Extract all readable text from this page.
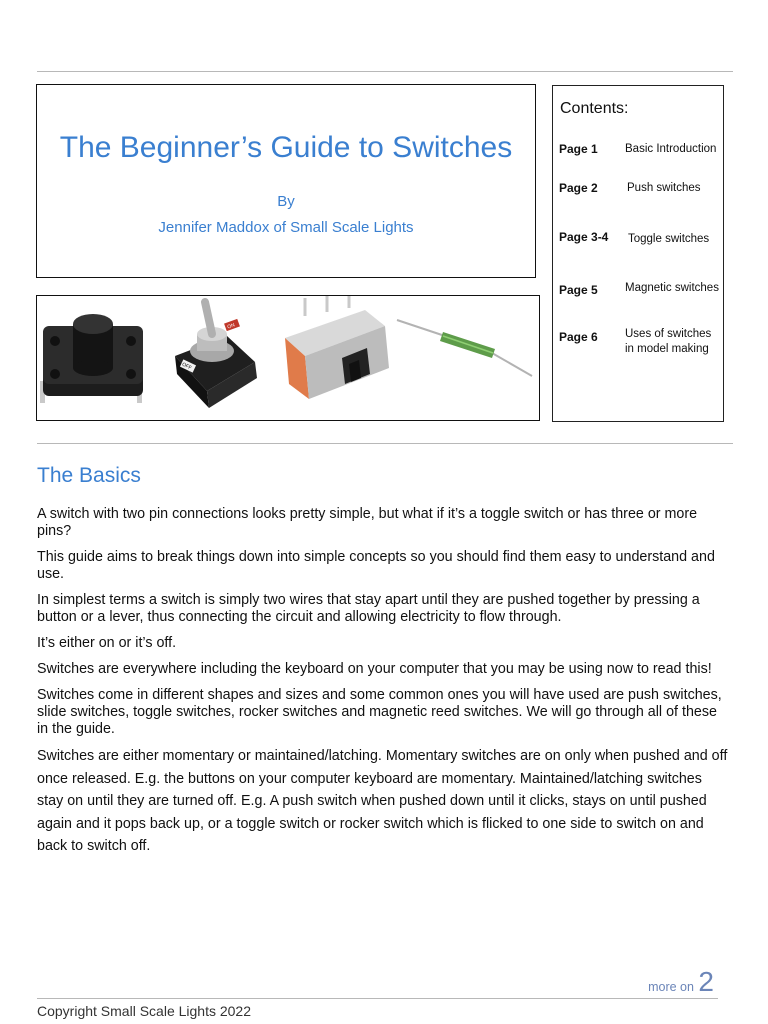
The Beginner’s Guide to Switches
By
Jennifer Maddox of Small Scale Lights
ON
OFF
Contents:
Page 1 Basic Introduction
Page 2	Push switches
Page 3-4 Toggle switches
Page 5 Magnetic switches
Page 6 Uses of switches in model making
The Basics

A switch with two pin connections looks pretty simple, but what if it’s a toggle switch or has three or more pins?

This guide aims to break things down into simple concepts so you should find them easy to understand and use.

In simplest terms a switch is simply two wires that stay apart until they are pushed together by pressing a button or a lever, thus connecting the circuit and allowing electricity to flow through.

It’s either on or it’s off.

Switches are everywhere including the keyboard on your computer that you may be using now to read this!

Switches come in different shapes and sizes and some common ones you will have used are push switches, slide switches, toggle switches, rocker switches and magnetic reed switches. We will go through all of these in the guide.

Switches are either momentary or maintained/latching. Momentary switches are on only when pushed and off once released. E.g. the buttons on your computer keyboard are momentary. Maintained/latching switches stay on until they are turned off. E.g. A push switch when pushed down until it clicks, stays on until pushed again and it pops back up, or a toggle switch or rocker switch which is flicked to one side to switch on and back to switch off.

more on 2
Copyright Small Scale Lights 2022
